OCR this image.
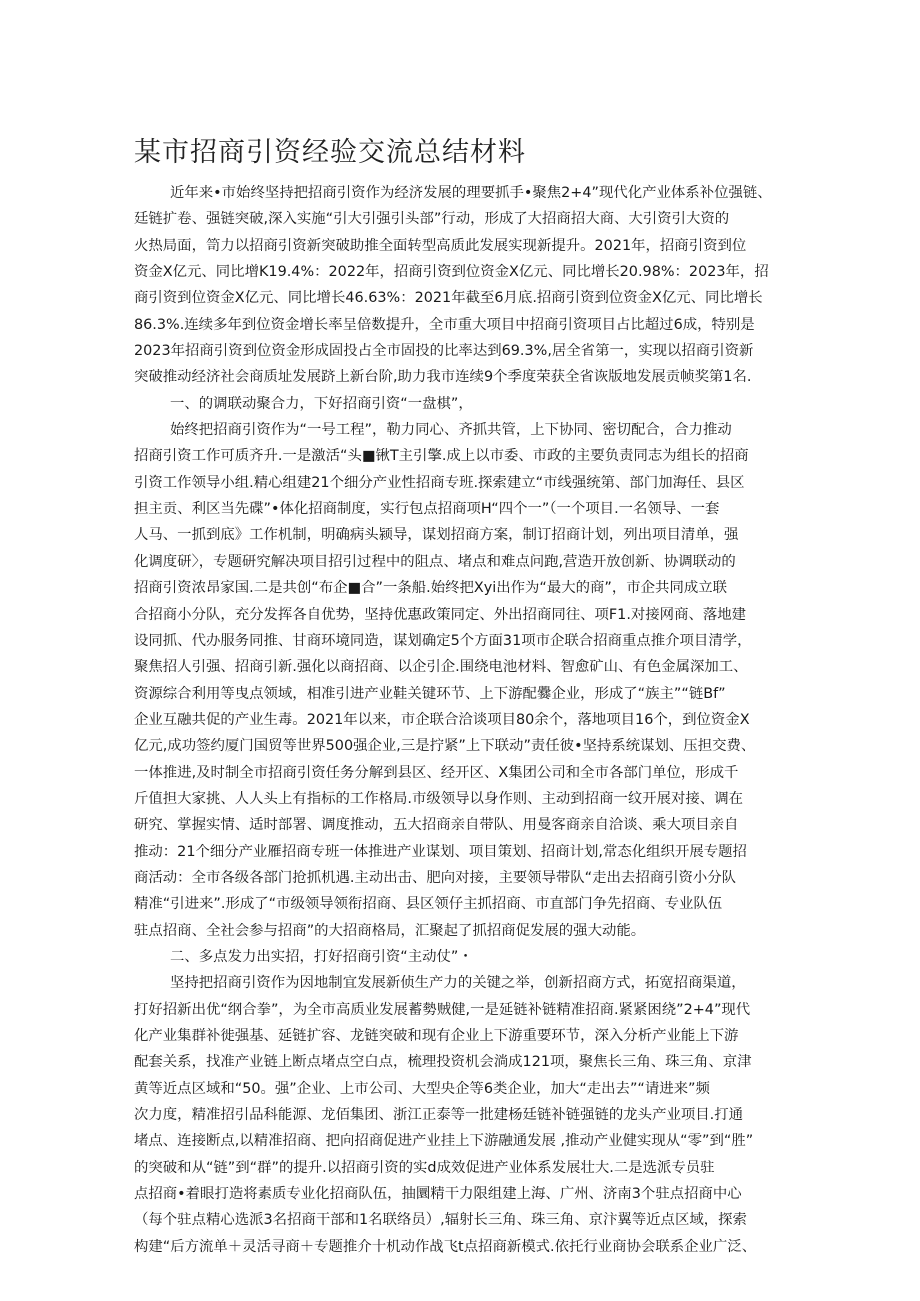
某市招商引资经验交流总结材料
近年来•市始终坚持把招商引资作为经济发展的理要抓手•聚焦2+4”现代化产业体系补位强链、
廷链扩卷、强链突破,深入实施“引大引强引头部”行动，形成了大招商招大商、大引资引大资的
火热局面，笥力以招商引资新突破助推全面转型高质此发展实现新提升。2021年，招商引资到位
资金X亿元、同比增K19.4%：2022年，招商引资到位资金X亿元、同比增长20.98%：2023年，招
商引资到位资金X亿元、同比增长46.63%：2021年截至6月底.招商引资到位资金X亿元、同比增长
86.3%.连续多年到位资金增长率呈倍数提升，全市重大项目中招商引资项目占比超过6成，特别是
2023年招商引资到位资金形成固投占全市固投的比率达到69.3%,居全省第一，实现以招商引资新
突破推动经济社会商质址发展跻上新台阶,助力我市连续9个季度荣获全省诙版地发展贡帧奖第1名.
一、的调联动聚合力，下好招商引资“一盘棋”，
始终把招商引资作为“一号工程”，勒力同心、齐抓共管，上下协同、密切配合，合力推动
招商引资工作可质齐升.一是激活“头■锹T主引擎.成上以市委、市政的主要负责同志为组长的招商
引资工作领导小组.精心组建21个细分产业性招商专班.探索建立“市线强统第、部门加海任、县区
担主贡、利区当先碟”•体化招商制度，实行包点招商项H“四个一”（一个项目.一名领导、一套
人马、一抓到底》工作机制，明确病头颍导，谋划招商方案，制订招商计划，列出项目清单，强
化调度研〉，专题研究解决项目招引过程中的阻点、堵点和难点问跑,营造开放创新、协调联动的
招商引资浓昂家国.二是共创“布企■合”一条船.始终把Xyi出作为“最大的商”，市企共同成立联
合招商小分队，充分发挥各自优势，坚持优惠政策同定、外出招商同往、项F1.对接网商、落地建
设同抓、代办服务同推、甘商环境同造，谋划确定5个方面31项市企联合招商重点推介项目清学，
聚焦招人引强、招商引新.强化以商招商、以企引企.围绕电池材料、智愈矿山、有色金属深加工、
资源综合利用等曳点领域，相准引进产业鞋关键环节、上下游配爨企业，形成了“族主”“链Bf”
企业互融共促的产业生毒。2021年以来，市企联合洽谈项目80余个，落地项目16个，到位资金X
亿元,成功签约厦门国贸等世界500强企业,三是拧紧”上下联动”责任彼•坚持系统谋划、压担交费、
一体推进,及时制全市招商引资任务分解到县区、经开区、X集团公司和全市各部门单位，形成千
斤值担大家挑、人人头上有指标的工作格局.市级领导以身作则、主动到招商一纹开展对接、调在
研究、掌握实情、适时部署、调度推动，五大招商亲自带队、用曼客商亲自洽谈、乘大项目亲自
推动：21个细分产业雁招商专班一体推进产业谋划、项目策划、招商计划,常态化组织开展专题招
商活动：全市各级各部门抢抓机遇.主动出击、肥向对接，主要领导带队“走出去招商引资小分队
精准“引进来”.形成了“市级领导领衔招商、县区领仔主抓招商、市直部门争先招商、专业队伍
驻点招商、全社会参与招商”的大招商格局，汇聚起了抓招商促发展的强大动能。
二、多点发力出实招，打好招商引资“主动仗”・
坚持把招商引资作为因地制宜发展新侦生产力的关键之举，创新招商方式，拓宽招商渠道，
打好招新出优“纲合拳”，为全市高质业发展蓄勢贼健,一是延链补链精准招商.紧紧困绕”2+4”现代
化产业集群补徙强基、延链扩容、龙链突破和现有企业上下游重要环节，深入分析产业能上下游
配套关系，找准产业链上断点堵点空白点，梳理投资机会淌成121项，聚焦长三角、珠三角、京津
黄等近点区域和“50。强”企业、上市公司、大型央企等6类企业，加大“走出去”“请进来”频
次力度，精准招引品科能源、龙佰集团、浙江正泰等一批建杨廷链补链强链的龙头产业项目.打通
堵点、连接断点,以精准招商、把向招商促进产业挂上下游融通发展 ,推动产业健实现从“零”到“胜”
的突破和从“链”到“群”的提升.以招商引资的实d成效促进产业体系发展壮大.二是选派专员驻
点招商•着眼打造将素质专业化招商队伍，抽圜精干力限组建上海、广州、济南3个驻点招商中心
（每个驻点精心选派3名招商干部和1名联络员）,辐射长三角、珠三角、京汴翼等近点区域，探索
构建“后方流单＋灵活寻商＋专题推介十机动作战飞t点招商新模式.依托行业商协会联系企业广泛、
